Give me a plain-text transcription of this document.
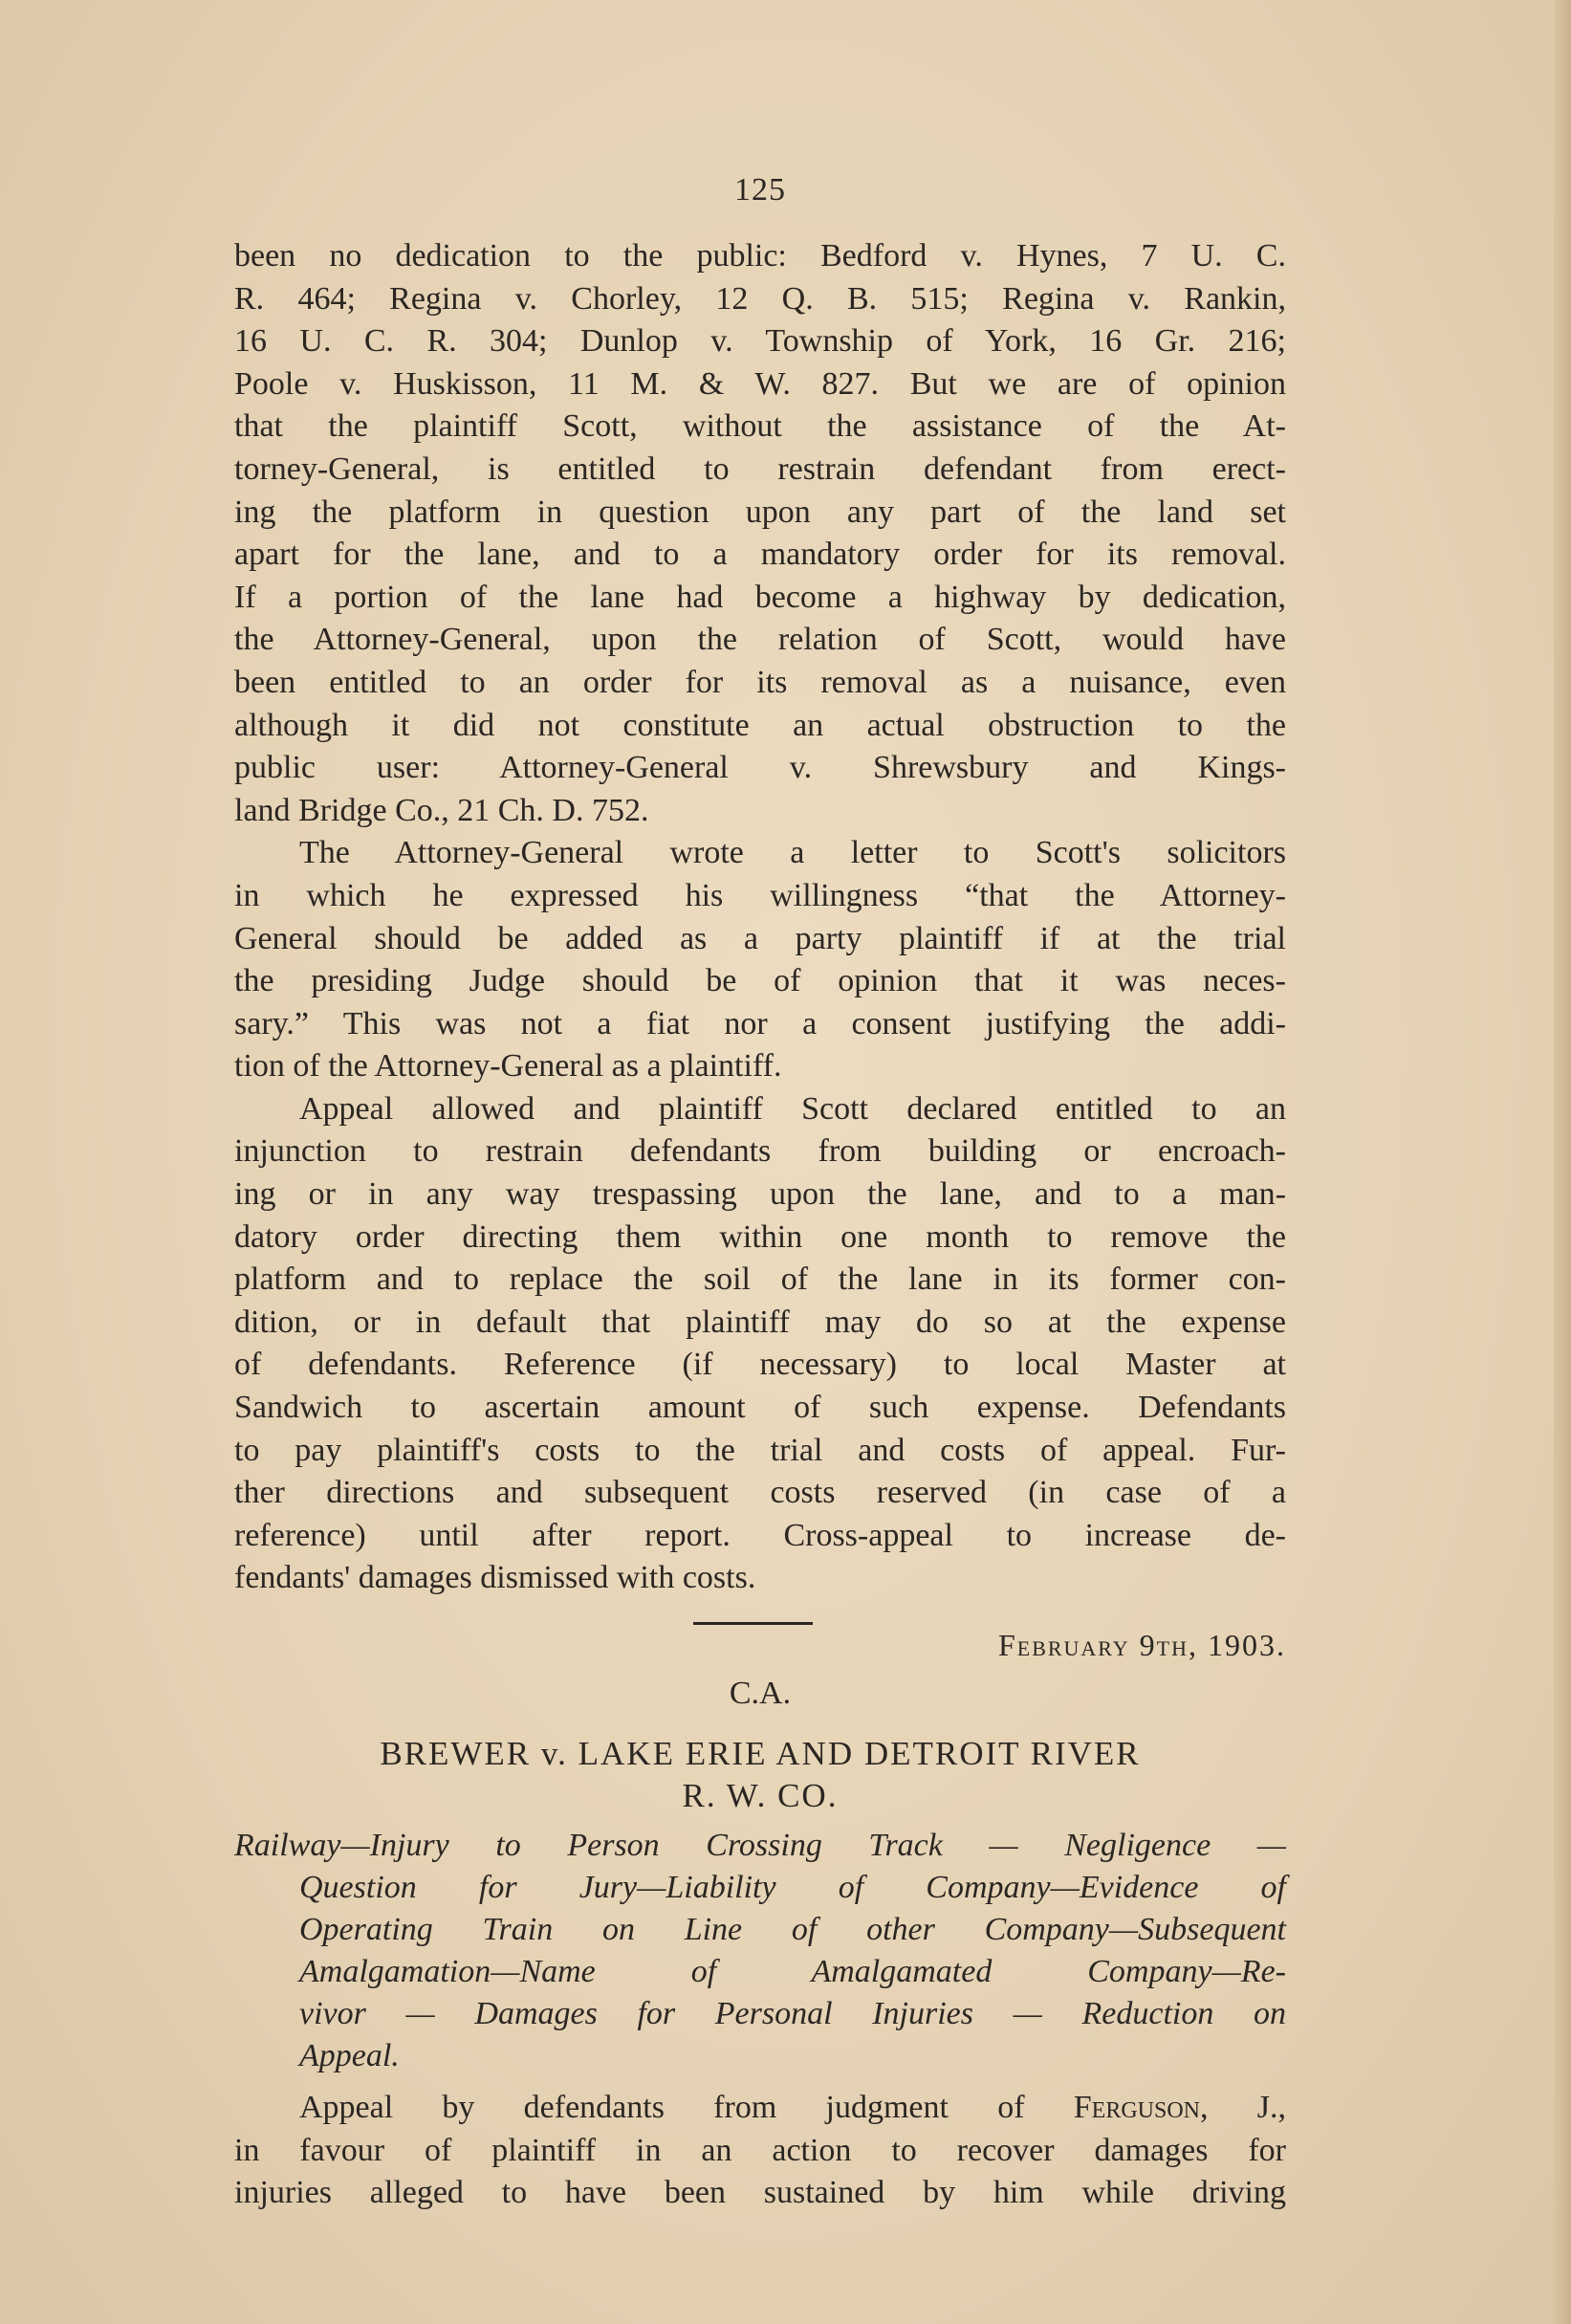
125

been no dedication to the public: Bedford v. Hynes, 7 U. C.
R. 464; Regina v. Chorley, 12 Q. B. 515; Regina v. Rankin,
16 U. C. R. 304; Dunlop v. Township of York, 16 Gr. 216;
Poole v. Huskisson, 11 M. & W. 827. But we are of opinion
that the plaintiff Scott, without the assistance of the At-
torney-General, is entitled to restrain defendant from erect-
ing the platform in question upon any part of the land set
apart for the lane, and to a mandatory order for its removal.
If a portion of the lane had become a highway by dedication,
the Attorney-General, upon the relation of Scott, would have
been entitled to an order for its removal as a nuisance, even
although it did not constitute an actual obstruction to the
public user: Attorney-General v. Shrewsbury and Kings-
land Bridge Co., 21 Ch. D. 752.

The Attorney-General wrote a letter to Scott's solicitors
in which he expressed his willingness “that the Attorney-
General should be added as a party plaintiff if at the trial
the presiding Judge should be of opinion that it was neces-
sary.” This was not a fiat nor a consent justifying the addi-
tion of the Attorney-General as a plaintiff.

Appeal allowed and plaintiff Scott declared entitled to an
injunction to restrain defendants from building or encroach-
ing or in any way trespassing upon the lane, and to a man-
datory order directing them within one month to remove the
platform and to replace the soil of the lane in its former con-
dition, or in default that plaintiff may do so at the expense
of defendants. Reference (if necessary) to local Master at
Sandwich to ascertain amount of such expense. Defendants
to pay plaintiff's costs to the trial and costs of appeal. Fur-
ther directions and subsequent costs reserved (in case of a
reference) until after report. Cross-appeal to increase de-
fendants' damages dismissed with costs.

February 9th, 1903.
C.A.
BREWER v. LAKE ERIE AND DETROIT RIVER
R. W. CO.
Railway—Injury to Person Crossing Track — Negligence —
Question for Jury—Liability of Company—Evidence of
Operating Train on Line of other Company—Subsequent
Amalgamation—Name of Amalgamated Company—Re-
vivor — Damages for Personal Injuries — Reduction on
Appeal.

Appeal by defendants from judgment of Ferguson, J.,
in favour of plaintiff in an action to recover damages for
injuries alleged to have been sustained by him while driving
